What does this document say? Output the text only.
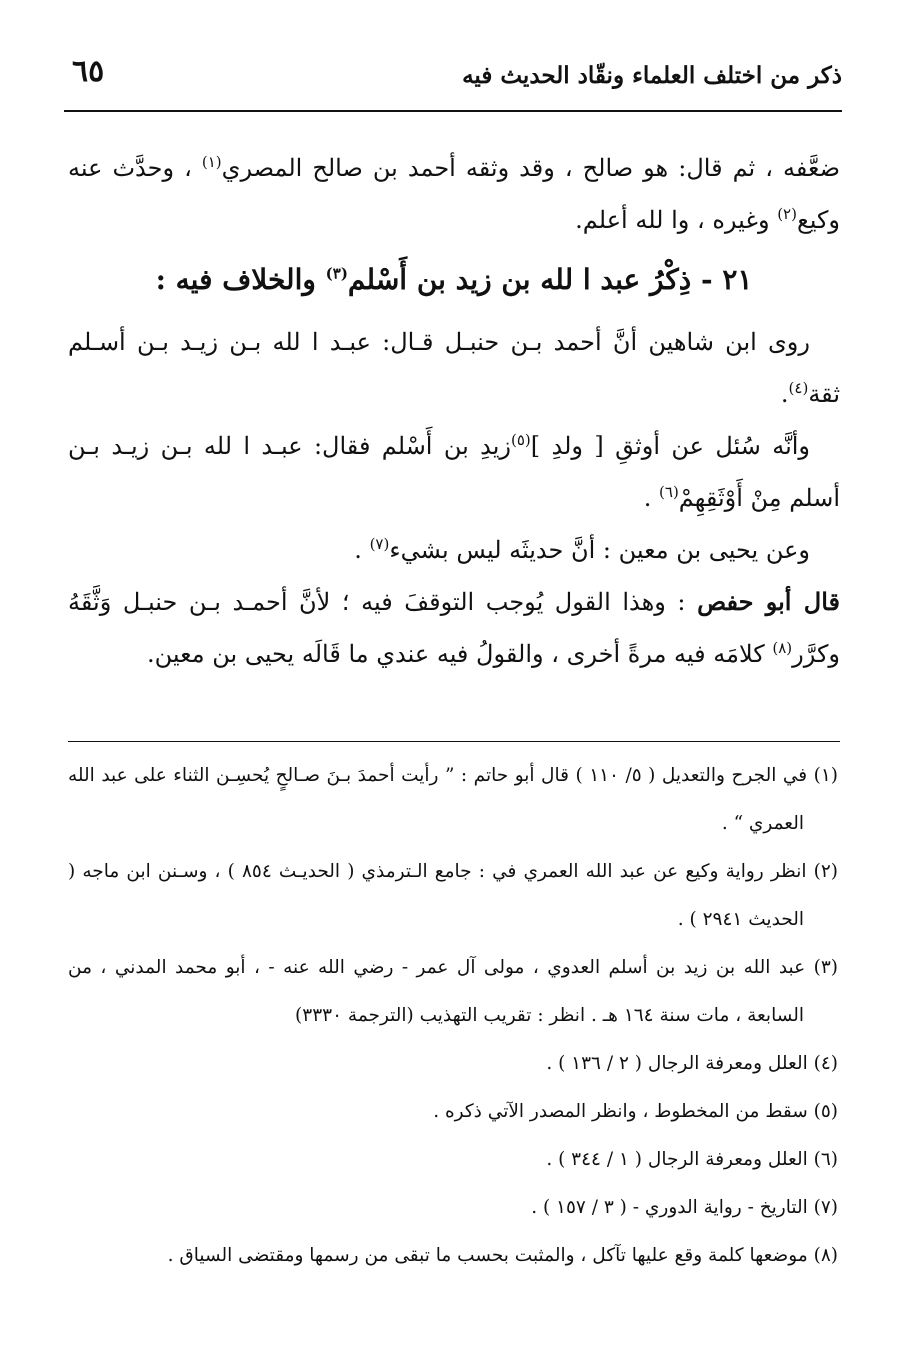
ذكر من اختلف العلماء ونقّاد الحديث فيه
٦٥

ضعَّفه ، ثم قال: هو صالح ، وقد وثقه أحمد بن صالح المصري$^{(١)}$ ، وحدَّث عنه وكيع$^{(٢)}$ وغيره ، وا لله أعلم.

٢١ - ذِكْرُ عبد ا لله بن زيد بن أَسْلم$^{(٣)}$ والخلاف فيه :

روى ابن شاهين أنَّ أحمد بـن حنبـل قـال: عبـد ا لله بـن زيـد بـن أسـلم ثقة$^{(٤)}$.

وأنَّه سُئل عن أوثقِ [ ولدِ ]$^{(٥)}$زيدِ بن أَسْلم فقال: عبـد ا لله بـن زيـد بـن أسلم مِنْ أَوْثَقِهِمْ$^{(٦)}$ .

وعن يحيى بن معين : أنَّ حديثَه ليس بشيء$^{(٧)}$ .

قال أبو حفص : وهذا القول يُوجب التوقفَ فيه ؛ لأنَّ أحمـد بـن حنبـل وَثَّقَهُ وكرَّر$^{(٨)}$ كلامَه فيه مرةً أخرى ، والقولُ فيه عندي ما قَالَه يحيى بن معين.

(١) في الجرح والتعديل ( ٥/ ١١٠ ) قال أبو حاتم : ” رأيت أحمدَ بـنَ صـالحٍ يُحسِـن الثناء على عبد الله العمري “ .

(٢) انظر رواية وكيع عن عبد الله العمري في : جامع الـترمذي ( الحديـث ٨٥٤ ) ، وسـنن ابن ماجه ( الحديث ٢٩٤١ ) .

(٣) عبد الله بن زيد بن أسلم العدوي ، مولى آل عمر - رضي الله عنه - ، أبو محمد المدني ، من السابعة ، مات سنة ١٦٤ هـ . انظر : تقريب التهذيب (الترجمة ٣٣٣٠)

(٤) العلل ومعرفة الرجال ( ٢ / ١٣٦ ) .

(٥) سقط من المخطوط ، وانظر المصدر الآتي ذكره .

(٦) العلل ومعرفة الرجال ( ١ / ٣٤٤ ) .

(٧) التاريخ - رواية الدوري - ( ٣ / ١٥٧ ) .

(٨) موضعها كلمة وقع عليها تآكل ، والمثبت بحسب ما تبقى من رسمها ومقتضى السياق .
